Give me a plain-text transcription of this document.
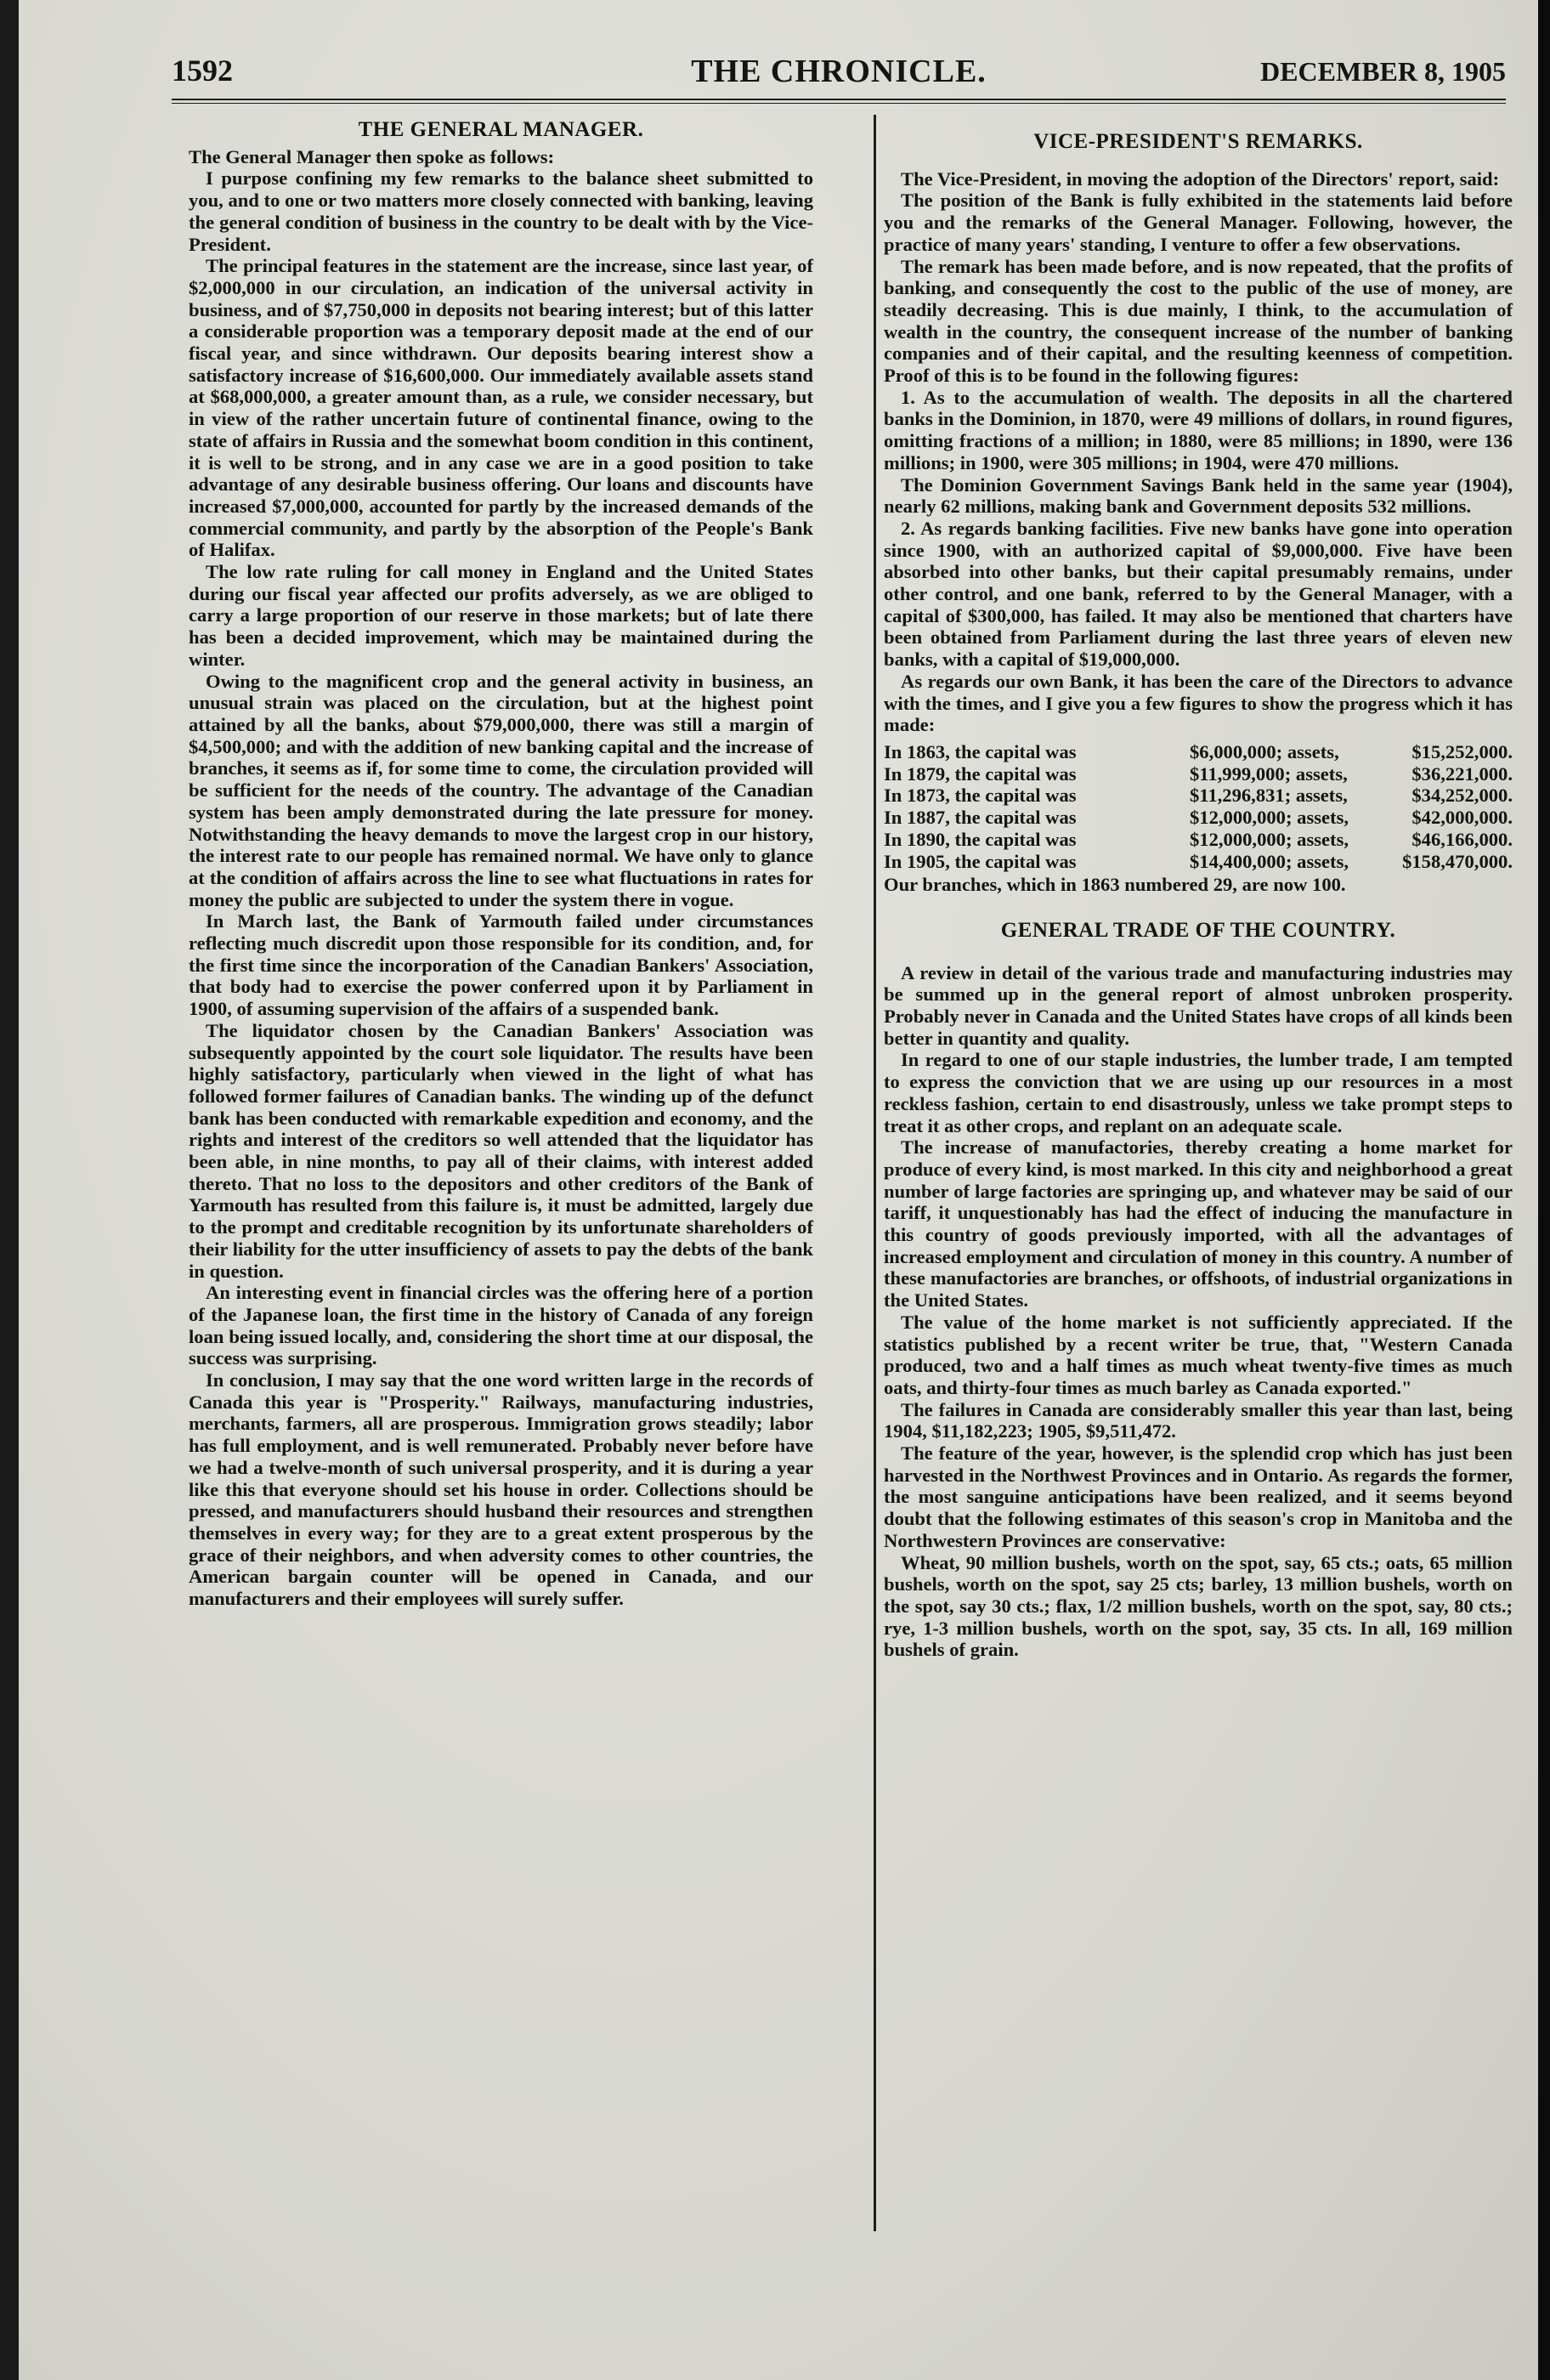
1592	THE CHRONICLE.	DECEMBER 8, 1905
THE GENERAL MANAGER.

The General Manager then spoke as follows:

I purpose confining my few remarks to the balance sheet submitted to you, and to one or two matters more closely connected with banking, leaving the general condition of business in the country to be dealt with by the Vice-President.

The principal features in the statement are the increase, since last year, of $2,000,000 in our circulation, an indication of the universal activity in business, and of $7,750,000 in deposits not bearing interest; but of this latter a considerable proportion was a temporary deposit made at the end of our fiscal year, and since withdrawn. Our deposits bearing interest show a satisfactory increase of $16,600,000. Our immediately available assets stand at $68,000,000, a greater amount than, as a rule, we consider necessary, but in view of the rather uncertain future of continental finance, owing to the state of affairs in Russia and the somewhat boom condition in this continent, it is well to be strong, and in any case we are in a good position to take advantage of any desirable business offering. Our loans and discounts have increased $7,000,000, accounted for partly by the increased demands of the commercial community, and partly by the absorption of the People's Bank of Halifax.

The low rate ruling for call money in England and the United States during our fiscal year affected our profits adversely, as we are obliged to carry a large proportion of our reserve in those markets; but of late there has been a decided improvement, which may be maintained during the winter.

Owing to the magnificent crop and the general activity in business, an unusual strain was placed on the circulation, but at the highest point attained by all the banks, about $79,000,000, there was still a margin of $4,500,000; and with the addition of new banking capital and the increase of branches, it seems as if, for some time to come, the circulation provided will be sufficient for the needs of the country. The advantage of the Canadian system has been amply demonstrated during the late pressure for money. Notwithstanding the heavy demands to move the largest crop in our history, the interest rate to our people has remained normal. We have only to glance at the condition of affairs across the line to see what fluctuations in rates for money the public are subjected to under the system there in vogue.

In March last, the Bank of Yarmouth failed under circumstances reflecting much discredit upon those responsible for its condition, and, for the first time since the incorporation of the Canadian Bankers' Association, that body had to exercise the power conferred upon it by Parliament in 1900, of assuming supervision of the affairs of a suspended bank.

The liquidator chosen by the Canadian Bankers' Association was subsequently appointed by the court sole liquidator. The results have been highly satisfactory, particularly when viewed in the light of what has followed former failures of Canadian banks. The winding up of the defunct bank has been conducted with remarkable expedition and economy, and the rights and interest of the creditors so well attended that the liquidator has been able, in nine months, to pay all of their claims, with interest added thereto. That no loss to the depositors and other creditors of the Bank of Yarmouth has resulted from this failure is, it must be admitted, largely due to the prompt and creditable recognition by its unfortunate shareholders of their liability for the utter insufficiency of assets to pay the debts of the bank in question.

An interesting event in financial circles was the offering here of a portion of the Japanese loan, the first time in the history of Canada of any foreign loan being issued locally, and, considering the short time at our disposal, the success was surprising.

In conclusion, I may say that the one word written large in the records of Canada this year is "Prosperity." Railways, manufacturing industries, merchants, farmers, all are prosperous. Immigration grows steadily; labor has full employment, and is well remunerated. Probably never before have we had a twelve-month of such universal prosperity, and it is during a year like this that everyone should set his house in order. Collections should be pressed, and manufacturers should husband their resources and strengthen themselves in every way; for they are to a great extent prosperous by the grace of their neighbors, and when adversity comes to other countries, the American bargain counter will be opened in Canada, and our manufacturers and their employees will surely suffer.

VICE-PRESIDENT'S REMARKS.

The Vice-President, in moving the adoption of the Directors' report, said:

The position of the Bank is fully exhibited in the statements laid before you and the remarks of the General Manager. Following, however, the practice of many years' standing, I venture to offer a few observations.

The remark has been made before, and is now repeated, that the profits of banking, and consequently the cost to the public of the use of money, are steadily decreasing. This is due mainly, I think, to the accumulation of wealth in the country, the consequent increase of the number of banking companies and of their capital, and the resulting keenness of competition. Proof of this is to be found in the following figures:

1. As to the accumulation of wealth. The deposits in all the chartered banks in the Dominion, in 1870, were 49 millions of dollars, in round figures, omitting fractions of a million; in 1880, were 85 millions; in 1890, were 136 millions; in 1900, were 305 millions; in 1904, were 470 millions.

The Dominion Government Savings Bank held in the same year (1904), nearly 62 millions, making bank and Government deposits 532 millions.

2. As regards banking facilities. Five new banks have gone into operation since 1900, with an authorized capital of $9,000,000. Five have been absorbed into other banks, but their capital presumably remains, under other control, and one bank, referred to by the General Manager, with a capital of $300,000, has failed. It may also be mentioned that charters have been obtained from Parliament during the last three years of eleven new banks, with a capital of $19,000,000.

As regards our own Bank, it has been the care of the Directors to advance with the times, and I give you a few figures to show the progress which it has made:

In 1863, the capital was	$6,000,000; assets,	$15,252,000.
In 1879, the capital was	$11,999,000; assets,	$36,221,000.
In 1873, the capital was	$11,296,831; assets,	$34,252,000.
In 1887, the capital was	$12,000,000; assets,	$42,000,000.
In 1890, the capital was	$12,000,000; assets,	$46,166,000.
In 1905, the capital was	$14,400,000; assets,	$158,470,000.

Our branches, which in 1863 numbered 29, are now 100.

GENERAL TRADE OF THE COUNTRY.

A review in detail of the various trade and manufacturing industries may be summed up in the general report of almost unbroken prosperity. Probably never in Canada and the United States have crops of all kinds been better in quantity and quality.

In regard to one of our staple industries, the lumber trade, I am tempted to express the conviction that we are using up our resources in a most reckless fashion, certain to end disastrously, unless we take prompt steps to treat it as other crops, and replant on an adequate scale.

The increase of manufactories, thereby creating a home market for produce of every kind, is most marked. In this city and neighborhood a great number of large factories are springing up, and whatever may be said of our tariff, it unquestionably has had the effect of inducing the manufacture in this country of goods previously imported, with all the advantages of increased employment and circulation of money in this country. A number of these manufactories are branches, or offshoots, of industrial organizations in the United States.

The value of the home market is not sufficiently appreciated. If the statistics published by a recent writer be true, that, "Western Canada produced, two and a half times as much wheat twenty-five times as much oats, and thirty-four times as much barley as Canada exported."

The failures in Canada are considerably smaller this year than last, being 1904, $11,182,223; 1905, $9,511,472.

The feature of the year, however, is the splendid crop which has just been harvested in the Northwest Provinces and in Ontario. As regards the former, the most sanguine anticipations have been realized, and it seems beyond doubt that the following estimates of this season's crop in Manitoba and the Northwestern Provinces are conservative:

Wheat, 90 million bushels, worth on the spot, say, 65 cts.; oats, 65 million bushels, worth on the spot, say 25 cts; barley, 13 million bushels, worth on the spot, say 30 cts.; flax, 1/2 million bushels, worth on the spot, say, 80 cts.; rye, 1-3 million bushels, worth on the spot, say, 35 cts. In all, 169 million bushels of grain.
